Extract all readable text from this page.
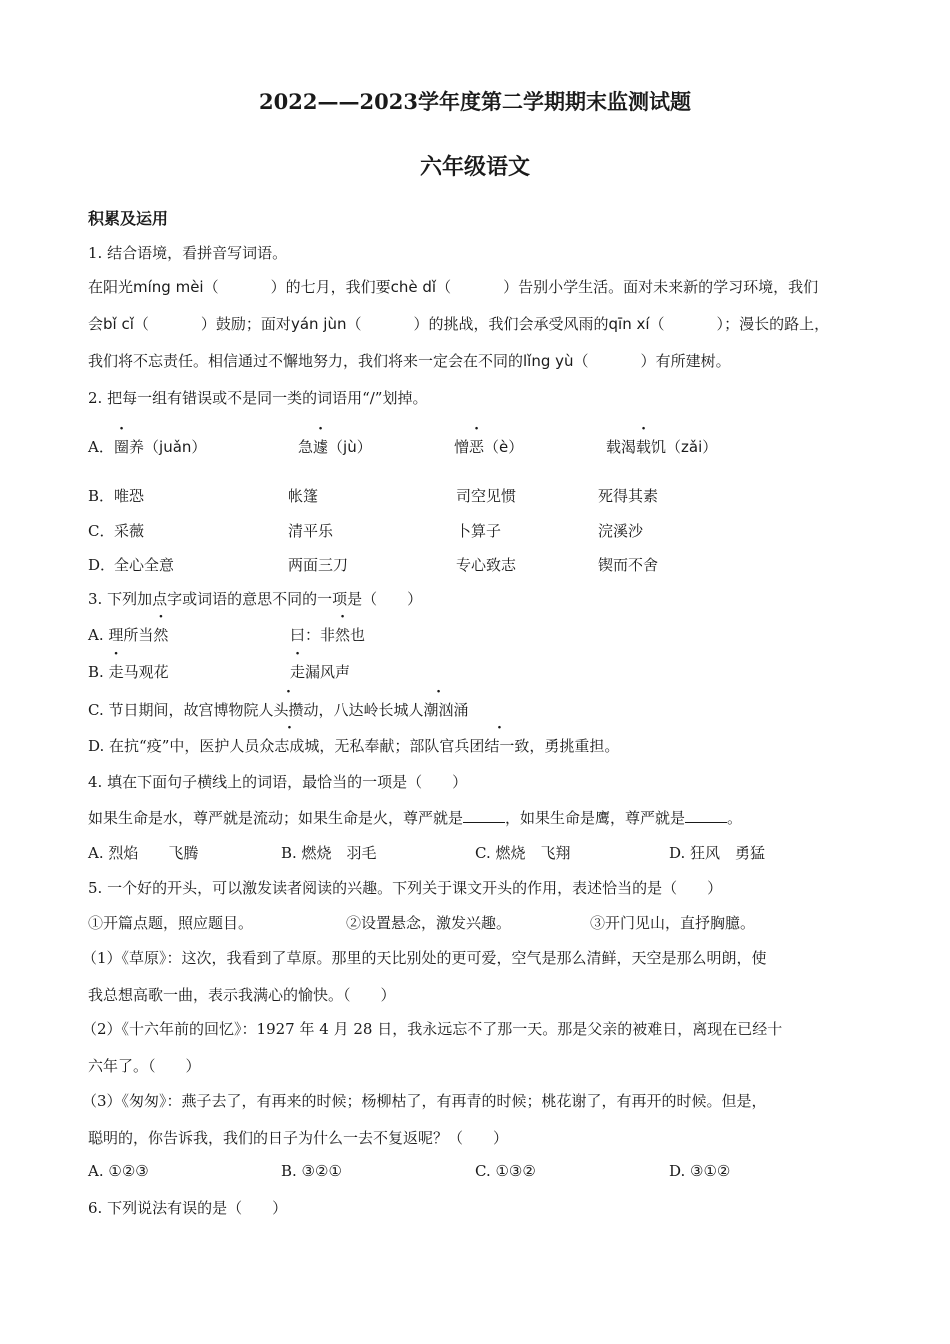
2022——2023学年度第二学期期末监测试题
六年级语文
积累及运用
1. 结合语境，看拼音写词语。
在阳光míng mèi（	）的七月，我们要chè dǐ（	）告别小学生活。面对未来新的学习环境，我们
会bǐ cǐ（	）鼓励；面对yán jùn（	）的挑战，我们会承受风雨的qīn xí（	）；漫长的路上，
我们将不忘责任。相信通过不懈地努力，我们将来一定会在不同的lǐng yù（	）有所建树。
2. 把每一组有错误或不是同一类的词语用“/”划掉。
A． 圈养（juǎn）	急遽（jù）	憎恶（è）	载渴载饥（zǎi）
B． 唯恐	帐篷	司空见惯	死得其素
C． 采薇	清平乐	卜算子	浣溪沙
D．
全心全意	两面三刀	专心致志	锲而不舍
3. 下列加点字或词语的意思不同的一项是（　　）
A. 理所当然	曰：非然也
B. 走马观花	走漏风声
C. 节日期间，故宫博物院人头攒动，八达岭长城人潮汹涌
D. 在抗“疫”中，医护人员众志成城，无私奉献；部队官兵团结一致，勇挑重担。
4. 填在下面句子横线上的词语，最恰当的一项是（　　）
如果生命是水，尊严就是流动；如果生命是火，尊严就是	，如果生命是鹰，尊严就是	。
A. 烈焰　　飞腾	B. 燃烧　羽毛	C. 燃烧　飞翔	D. 狂风　勇猛
5. 一个好的开头，可以激发读者阅读的兴趣。下列关于课文开头的作用，表述恰当的是（　　）
①开篇点题，照应题目。	②设置悬念，激发兴趣。	③开门见山，直抒胸臆。
（1）《草原》：这次，我看到了草原。那里的天比别处的更可爱，空气是那么清鲜，天空是那么明朗，使
我总想高歌一曲，表示我满心的愉快。（　　）
（2）《十六年前的回忆》：1927 年 4 月 28 日，我永远忘不了那一天。那是父亲的被难日，离现在已经十
六年了。（　　）
（3）《匆匆》：燕子去了，有再来的时候；杨柳枯了，有再青的时候；桃花谢了，有再开的时候。但是，
聪明的，你告诉我，我们的日子为什么一去不复返呢？（　　）
A. ①②③	B. ③②①	C. ①③②	D. ③①②
6. 下列说法有误的是（　　）
